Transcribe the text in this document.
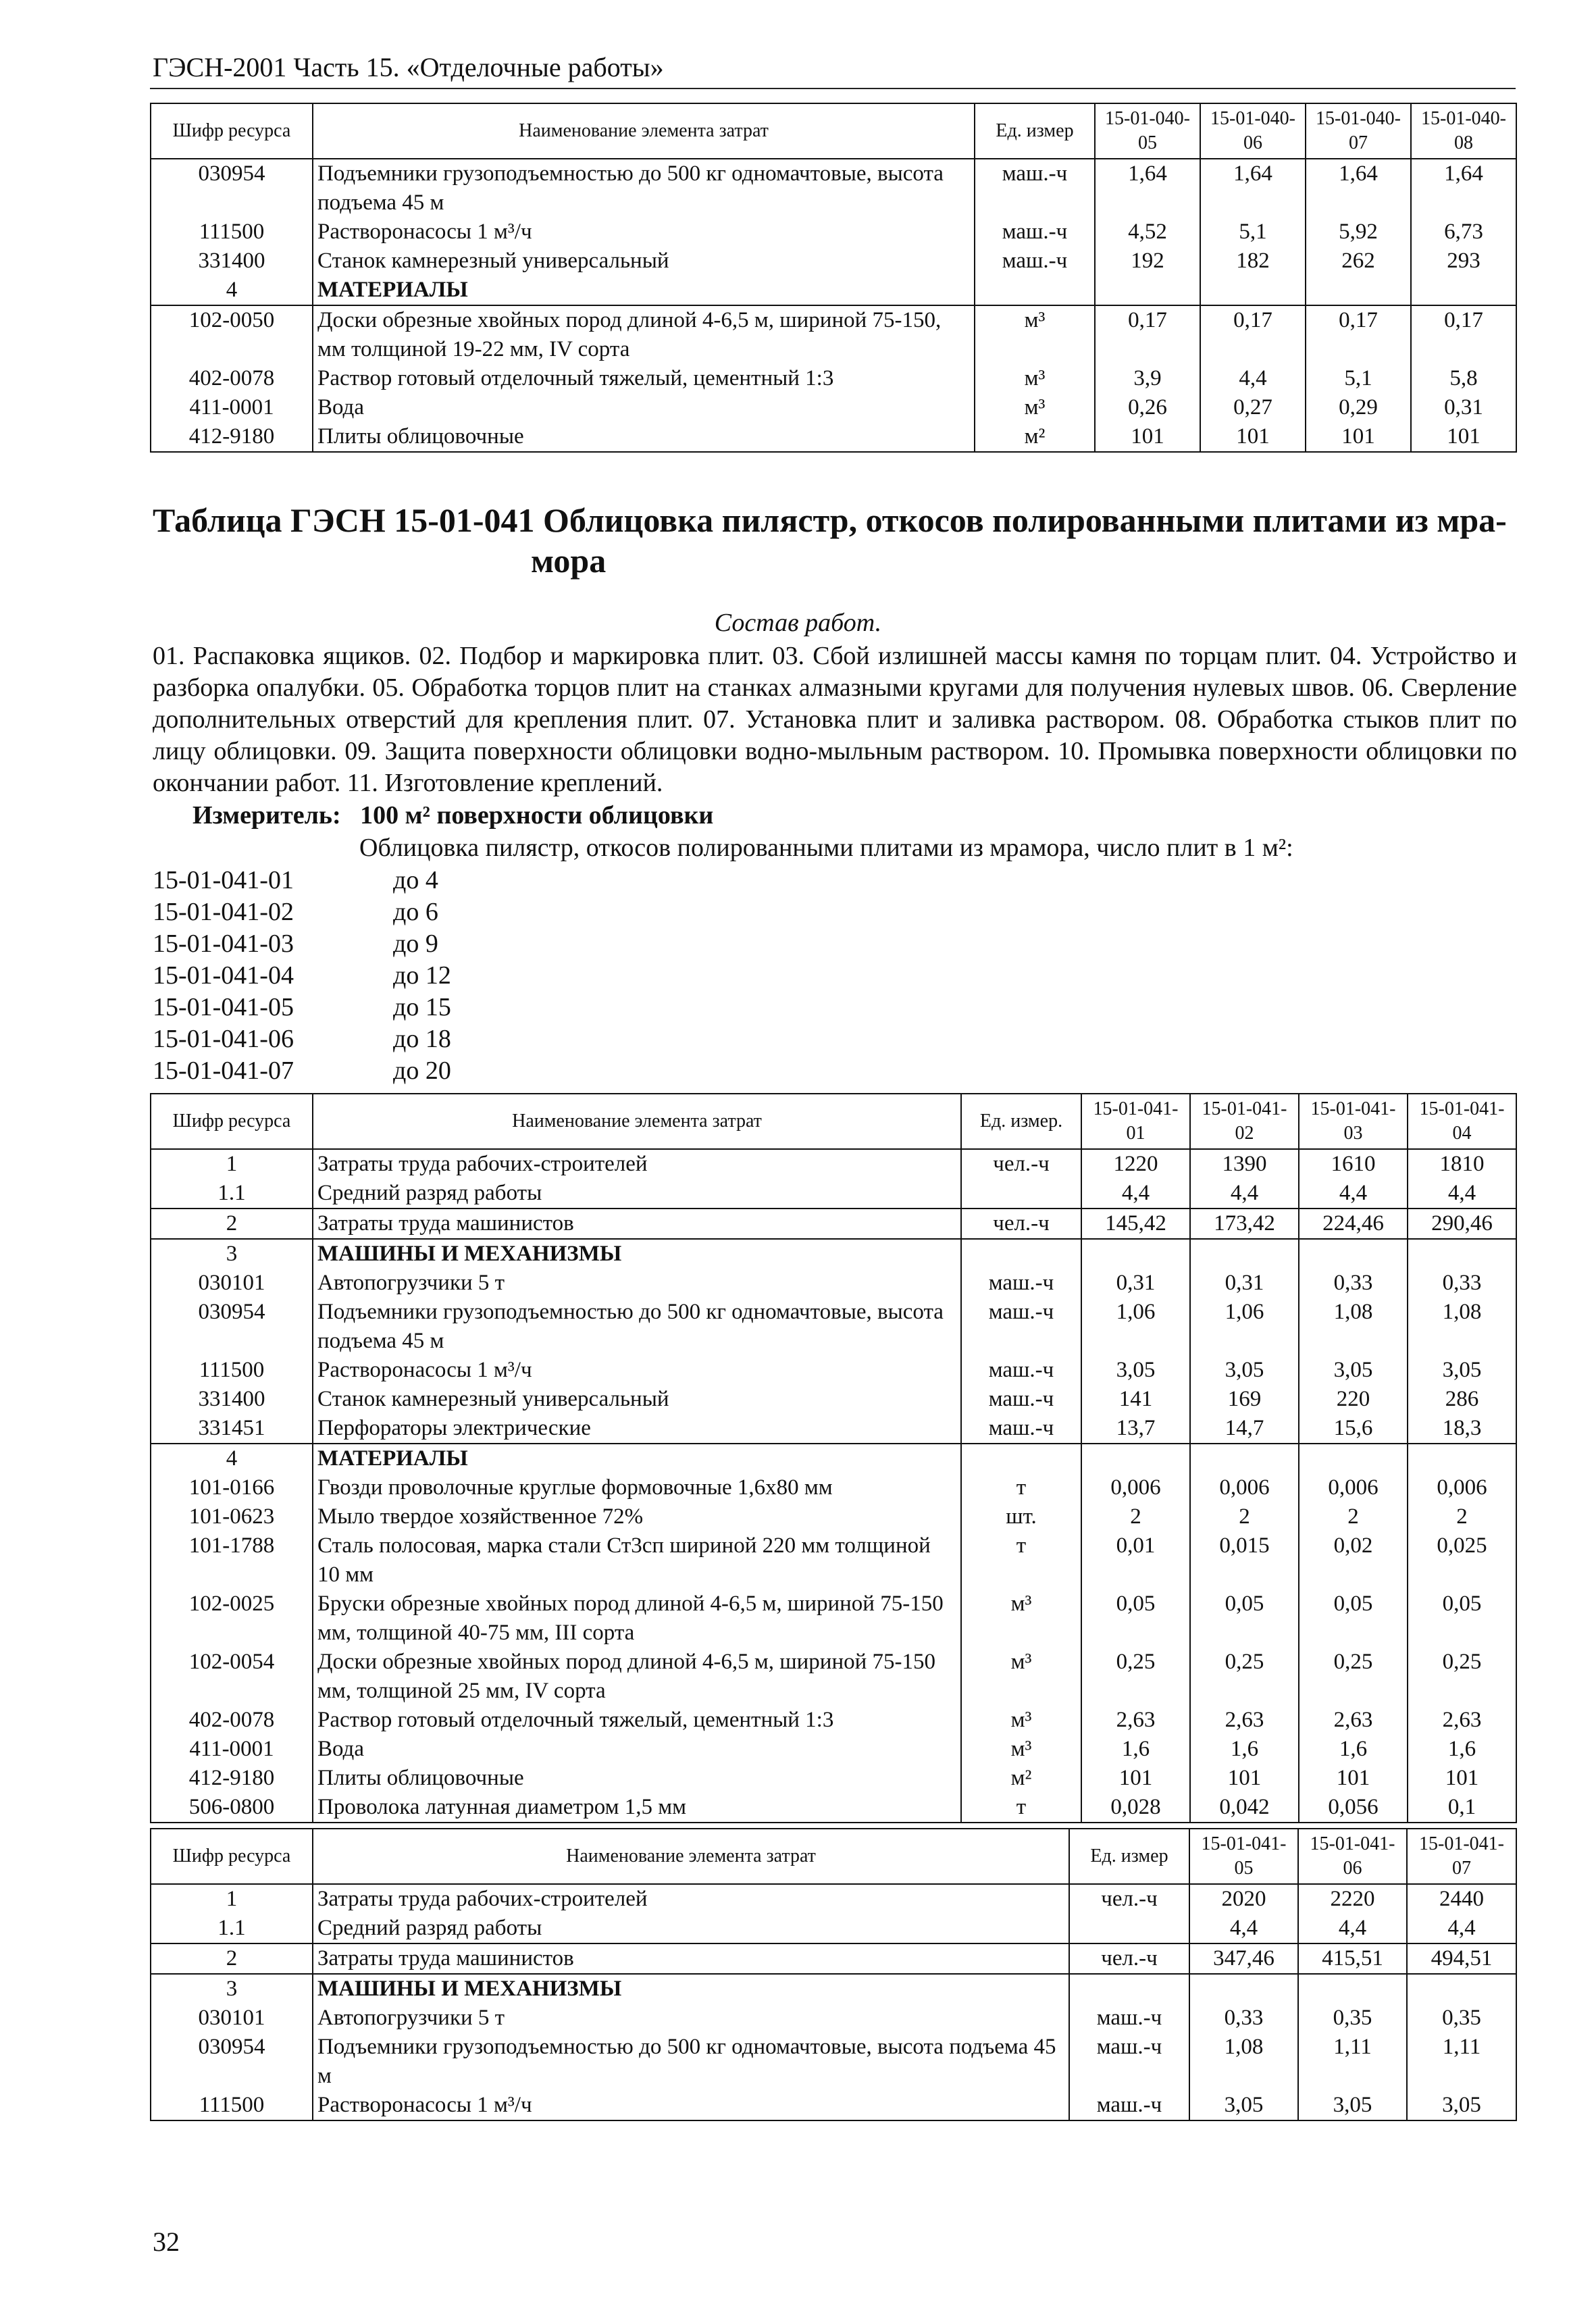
ГЭСН-2001 Часть 15. «Отделочные работы»
Шифр ресурса	Наименование элемента затрат	Ед. измер	15-01-040-05	15-01-040-06	15-01-040-07	15-01-040-08
030954	Подъемники грузоподъемностью до 500 кг одномачтовые, высота подъема 45 м	маш.-ч	1,64	1,64	1,64	1,64
111500	Растворонасосы 1 м³/ч	маш.-ч	4,52	5,1	5,92	6,73
331400	Станок камнерезный универсальный	маш.-ч	192	182	262	293
4	МАТЕРИАЛЫ					
102-0050	Доски обрезные хвойных пород длиной 4-6,5 м, шириной 75-150, мм толщиной 19-22 мм, IV сорта	м³	0,17	0,17	0,17	0,17
402-0078	Раствор готовый отделочный тяжелый, цементный 1:3	м³	3,9	4,4	5,1	5,8
411-0001	Вода	м³	0,26	0,27	0,29	0,31
412-9180	Плиты облицовочные	м²	101	101	101	101
Таблица ГЭСН 15-01-041 Облицовка пилястр, откосов полированными плитами из мра-
мора
Состав работ.
01. Распаковка ящиков. 02. Подбор и маркировка плит. 03. Сбой излишней массы камня по торцам плит. 04. Устройство и разборка опалубки. 05. Обработка торцов плит на станках алмазными кругами для получения нулевых швов. 06. Сверление дополнительных отверстий для крепления плит. 07. Установка плит и заливка раствором. 08. Обработка стыков плит по лицу облицовки. 09. Защита поверхности облицовки водно-мыльным раствором. 10. Промывка поверхности облицовки по окончании работ. 11. Изготовление креплений.
Измеритель: 100 м² поверхности облицовки
Облицовка пилястр, откосов полированными плитами из мрамора, число плит в 1 м²:
15-01-041-01	до 4
15-01-041-02	до 6
15-01-041-03	до 9
15-01-041-04	до 12
15-01-041-05	до 15
15-01-041-06	до 18
15-01-041-07	до 20
Шифр ресурса	Наименование элемента затрат	Ед. измер.	15-01-041-01	15-01-041-02	15-01-041-03	15-01-041-04
1	Затраты труда рабочих-строителей	чел.-ч	1220	1390	1610	1810
1.1	Средний разряд работы		4,4	4,4	4,4	4,4
2	Затраты труда машинистов	чел.-ч	145,42	173,42	224,46	290,46
3	МАШИНЫ И МЕХАНИЗМЫ					
030101	Автопогрузчики 5 т	маш.-ч	0,31	0,31	0,33	0,33
030954	Подъемники грузоподъемностью до 500 кг одномачтовые, высота подъема 45 м	маш.-ч	1,06	1,06	1,08	1,08
111500	Растворонасосы 1 м³/ч	маш.-ч	3,05	3,05	3,05	3,05
331400	Станок камнерезный универсальный	маш.-ч	141	169	220	286
331451	Перфораторы электрические	маш.-ч	13,7	14,7	15,6	18,3
4	МАТЕРИАЛЫ					
101-0166	Гвозди проволочные круглые формовочные 1,6х80 мм	т	0,006	0,006	0,006	0,006
101-0623	Мыло твердое хозяйственное 72%	шт.	2	2	2	2
101-1788	Сталь полосовая, марка стали Ст3сп шириной 220 мм толщиной 10 мм	т	0,01	0,015	0,02	0,025
102-0025	Бруски обрезные хвойных пород длиной 4-6,5 м, шириной 75-150 мм, толщиной 40-75 мм, III сорта	м³	0,05	0,05	0,05	0,05
102-0054	Доски обрезные хвойных пород длиной 4-6,5 м, шириной 75-150 мм, толщиной 25 мм, IV сорта	м³	0,25	0,25	0,25	0,25
402-0078	Раствор готовый отделочный тяжелый, цементный 1:3	м³	2,63	2,63	2,63	2,63
411-0001	Вода	м³	1,6	1,6	1,6	1,6
412-9180	Плиты облицовочные	м²	101	101	101	101
506-0800	Проволока латунная диаметром 1,5 мм	т	0,028	0,042	0,056	0,1
Шифр ресурса	Наименование элемента затрат	Ед. измер	15-01-041-05	15-01-041-06	15-01-041-07
1	Затраты труда рабочих-строителей	чел.-ч	2020	2220	2440
1.1	Средний разряд работы		4,4	4,4	4,4
2	Затраты труда машинистов	чел.-ч	347,46	415,51	494,51
3	МАШИНЫ И МЕХАНИЗМЫ				
030101	Автопогрузчики 5 т	маш.-ч	0,33	0,35	0,35
030954	Подъемники грузоподъемностью до 500 кг одномачтовые, высота подъема 45 м	маш.-ч	1,08	1,11	1,11
111500	Растворонасосы 1 м³/ч	маш.-ч	3,05	3,05	3,05
32
